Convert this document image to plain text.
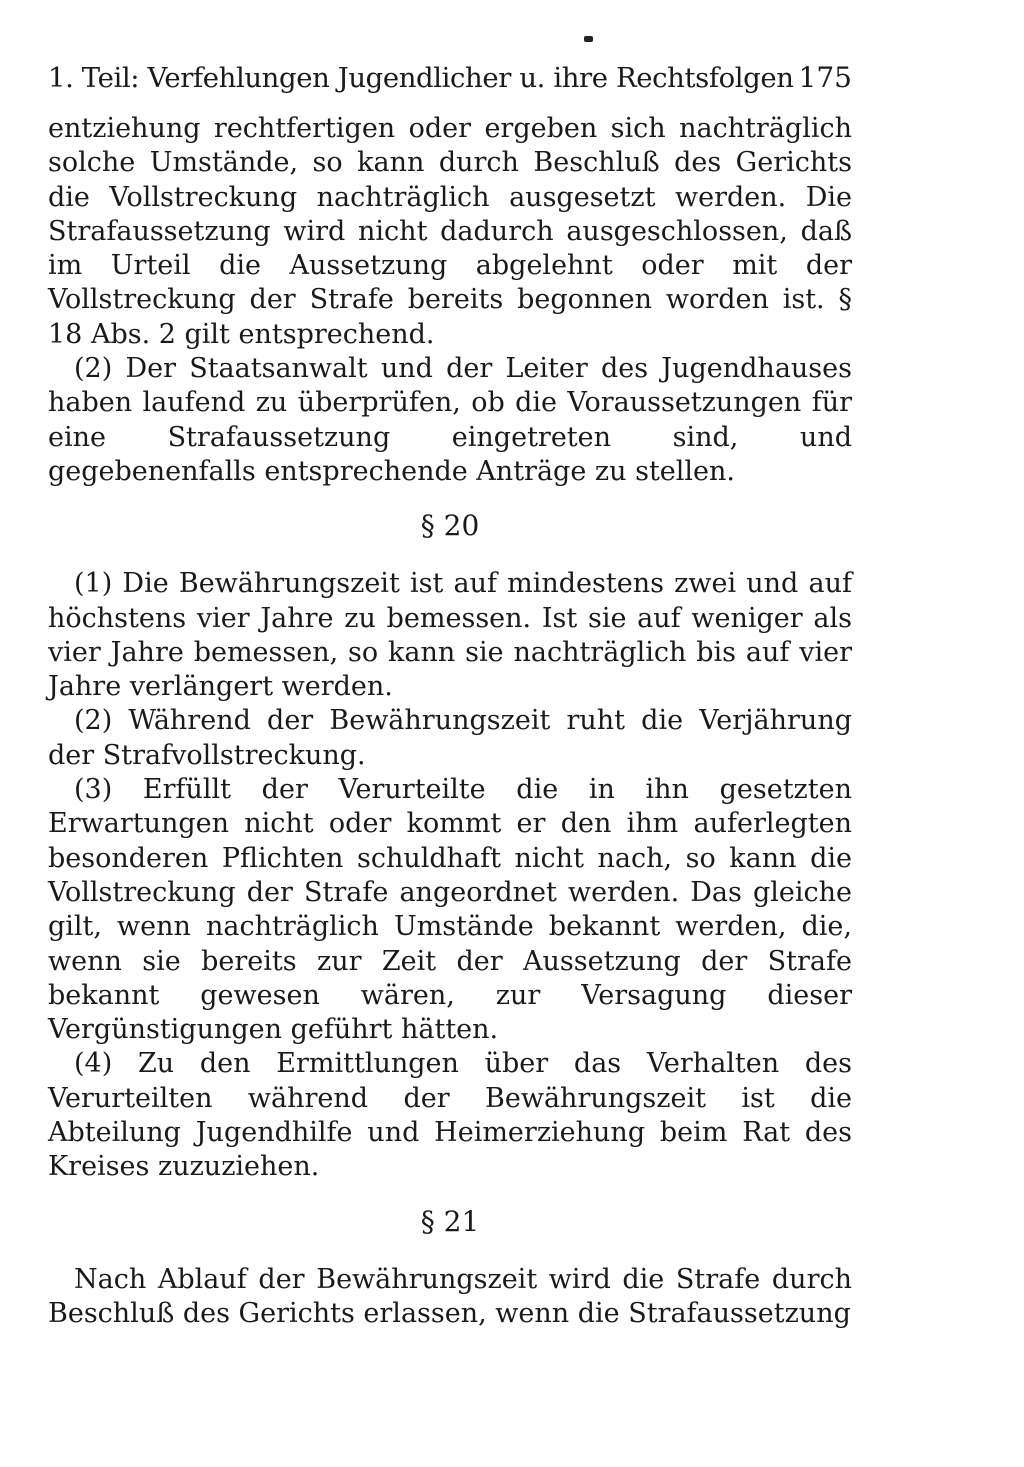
1. Teil: Verfehlungen Jugendlicher u. ihre Rechtsfolgen 175

entziehung rechtfertigen oder ergeben sich nachträglich solche Umstände, so kann durch Beschluß des Gerichts die Vollstreckung nachträglich ausgesetzt werden. Die Strafaussetzung wird nicht dadurch ausgeschlossen, daß im Urteil die Aussetzung abgelehnt oder mit der Vollstreckung der Strafe bereits begonnen worden ist. § 18 Abs. 2 gilt entsprechend.

(2) Der Staatsanwalt und der Leiter des Jugendhauses haben laufend zu überprüfen, ob die Voraussetzungen für eine Strafaussetzung eingetreten sind, und gegebenenfalls entsprechende Anträge zu stellen.

§ 20

(1) Die Bewährungszeit ist auf mindestens zwei und auf höchstens vier Jahre zu bemessen. Ist sie auf weniger als vier Jahre bemessen, so kann sie nachträglich bis auf vier Jahre verlängert werden.

(2) Während der Bewährungszeit ruht die Verjährung der Strafvollstreckung.

(3) Erfüllt der Verurteilte die in ihn gesetzten Erwartungen nicht oder kommt er den ihm auferlegten besonderen Pflichten schuldhaft nicht nach, so kann die Vollstreckung der Strafe angeordnet werden. Das gleiche gilt, wenn nachträglich Umstände bekannt werden, die, wenn sie bereits zur Zeit der Aussetzung der Strafe bekannt gewesen wären, zur Versagung dieser Vergünstigungen geführt hätten.

(4) Zu den Ermittlungen über das Verhalten des Verurteilten während der Bewährungszeit ist die Abteilung Jugendhilfe und Heimerziehung beim Rat des Kreises zuzuziehen.

§ 21

Nach Ablauf der Bewährungszeit wird die Strafe durch Beschluß des Gerichts erlassen, wenn die Strafaussetzung
